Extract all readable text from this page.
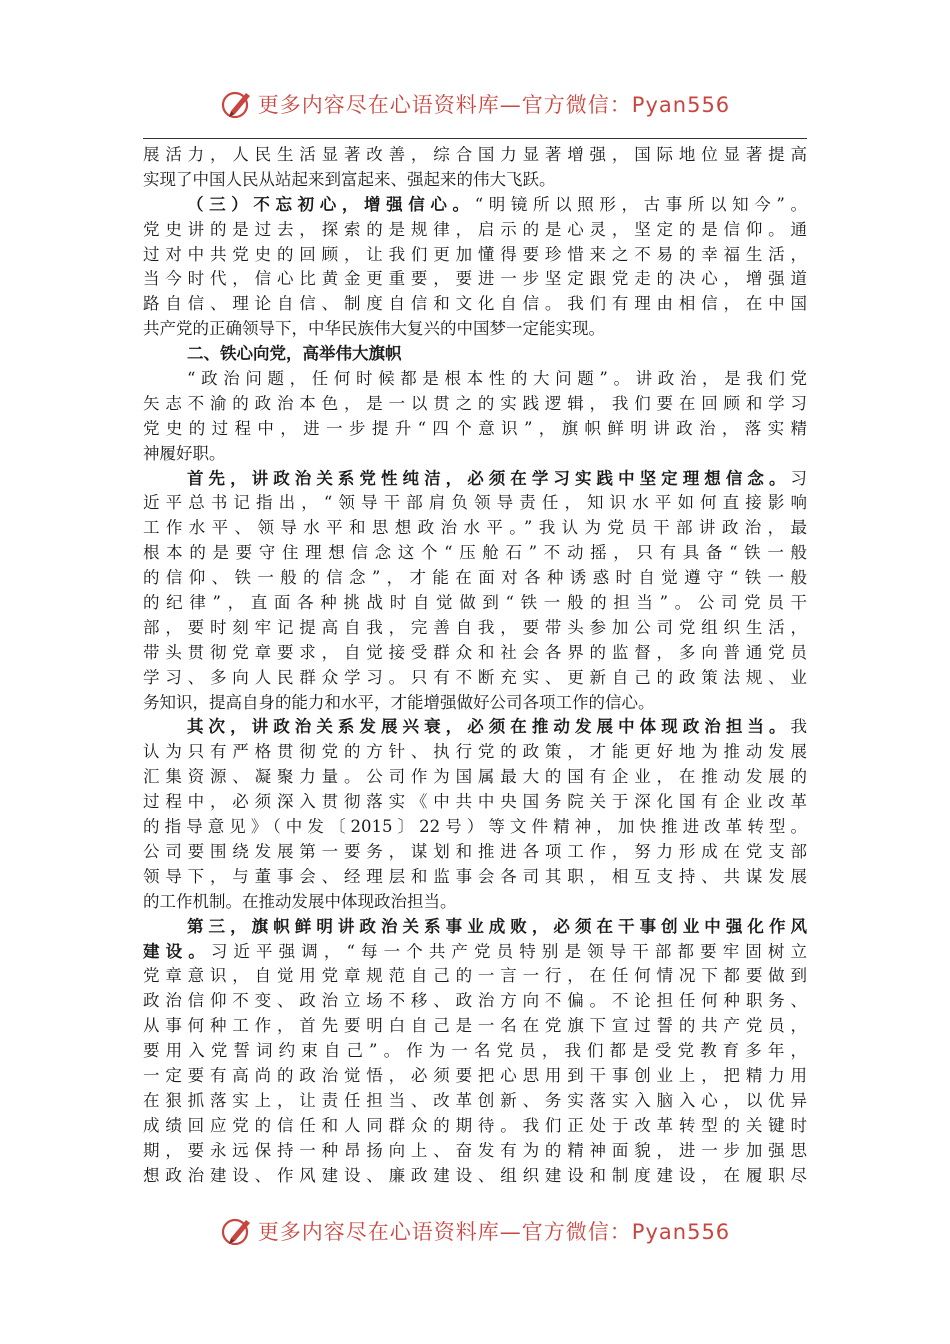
更多内容尽在心语资料库—官方微信：Pyan556
展活力，人民生活显著改善，综合国力显著增强，国际地位显著提高
实现了中国人民从站起来到富起来、强起来的伟大飞跃。
（三）不忘初心，增强信心。“明镜所以照形，古事所以知今”。
党史讲的是过去，探索的是规律，启示的是心灵，坚定的是信仰。通
过对中共党史的回顾，让我们更加懂得要珍惜来之不易的幸福生活，
当今时代，信心比黄金更重要，要进一步坚定跟党走的决心，增强道
路自信、理论自信、制度自信和文化自信。我们有理由相信，在中国
共产党的正确领导下，中华民族伟大复兴的中国梦一定能实现。
二、铁心向党，高举伟大旗帜
“政治问题，任何时候都是根本性的大问题”。讲政治，是我们党
矢志不渝的政治本色，是一以贯之的实践逻辑，我们要在回顾和学习
党史的过程中，进一步提升“四个意识”，旗帜鲜明讲政治，落实精
神履好职。
首先，讲政治关系党性纯洁，必须在学习实践中坚定理想信念。习
近平总书记指出，“领导干部肩负领导责任，知识水平如何直接影响
工作水平、领导水平和思想政治水平。”我认为党员干部讲政治，最
根本的是要守住理想信念这个“压舱石”不动摇，只有具备“铁一般
的信仰、铁一般的信念”，才能在面对各种诱惑时自觉遵守“铁一般
的纪律”，直面各种挑战时自觉做到“铁一般的担当”。公司党员干
部，要时刻牢记提高自我，完善自我，要带头参加公司党组织生活，
带头贯彻党章要求，自觉接受群众和社会各界的监督，多向普通党员
学习、多向人民群众学习。只有不断充实、更新自己的政策法规、业
务知识，提高自身的能力和水平，才能增强做好公司各项工作的信心。
其次，讲政治关系发展兴衰，必须在推动发展中体现政治担当。我
认为只有严格贯彻党的方针、执行党的政策，才能更好地为推动发展
汇集资源、凝聚力量。公司作为国属最大的国有企业，在推动发展的
过程中，必须深入贯彻落实《中共中央国务院关于深化国有企业改革
的指导意见》（中发〔2015〕22号）等文件精神，加快推进改革转型。
公司要围绕发展第一要务，谋划和推进各项工作，努力形成在党支部
领导下，与董事会、经理层和监事会各司其职，相互支持、共谋发展
的工作机制。在推动发展中体现政治担当。
第三，旗帜鲜明讲政治关系事业成败，必须在干事创业中强化作风
建设。习近平强调，“每一个共产党员特别是领导干部都要牢固树立
党章意识，自觉用党章规范自己的一言一行，在任何情况下都要做到
政治信仰不变、政治立场不移、政治方向不偏。不论担任何种职务、
从事何种工作，首先要明白自己是一名在党旗下宣过誓的共产党员，
要用入党誓词约束自己”。作为一名党员，我们都是受党教育多年，
一定要有高尚的政治觉悟，必须要把心思用到干事创业上，把精力用
在狠抓落实上，让责任担当、改革创新、务实落实入脑入心，以优异
成绩回应党的信任和人同群众的期待。我们正处于改革转型的关键时
期，要永远保持一种昂扬向上、奋发有为的精神面貌，进一步加强思
想政治建设、作风建设、廉政建设、组织建设和制度建设，在履职尽
更多内容尽在心语资料库—官方微信：Pyan556
